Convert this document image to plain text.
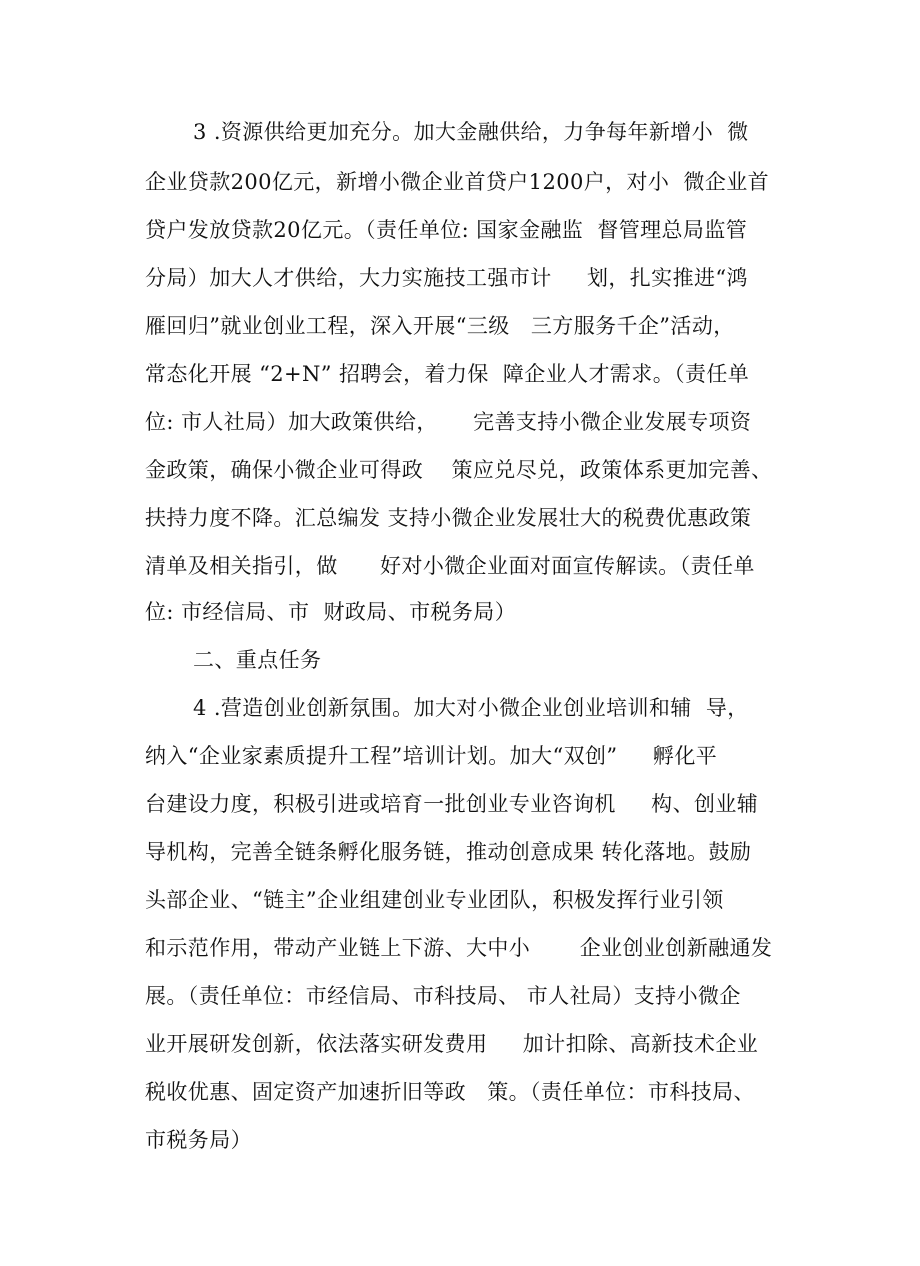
3 .资源供给更加充分。加大金融供给，力争每年新增小  微
企业贷款200亿元，新增小微企业首贷户1200户，对小  微企业首
贷户发放贷款20亿元。（责任单位: 国家金融监  督管理总局监管
分局）加大人才供给，大力实施技工强市计     划，扎实推进“鸿
雁回归”就业创业工程，深入开展“三级   三方服务千企”活动，
常态化开展 “2+N” 招聘会，着力保  障企业人才需求。（责任单
位: 市人社局）加大政策供给，     完善支持小微企业发展专项资
金政策，确保小微企业可得政    策应兑尽兑，政策体系更加完善、
扶持力度不降。汇总编发 支持小微企业发展壮大的税费优惠政策
清单及相关指引，做      好对小微企业面对面宣传解读。（责任单
位: 市经信局、市  财政局、市税务局）
二、重点任务
4 .营造创业创新氛围。加大对小微企业创业培训和辅  导，
纳入“企业家素质提升工程”培训计划。加大“双创”     孵化平
台建设力度，积极引进或培育一批创业专业咨询机     构、创业辅
导机构，完善全链条孵化服务链，推动创意成果 转化落地。鼓励
头部企业、“链主”企业组建创业专业团队，积极发挥行业引领
和示范作用，带动产业链上下游、大中小       企业创业创新融通发
展。（责任单位：市经信局、市科技局、 市人社局）支持小微企
业开展研发创新，依法落实研发费用     加计扣除、高新技术企业
税收优惠、固定资产加速折旧等政   策。（责任单位：市科技局、
市税务局）
